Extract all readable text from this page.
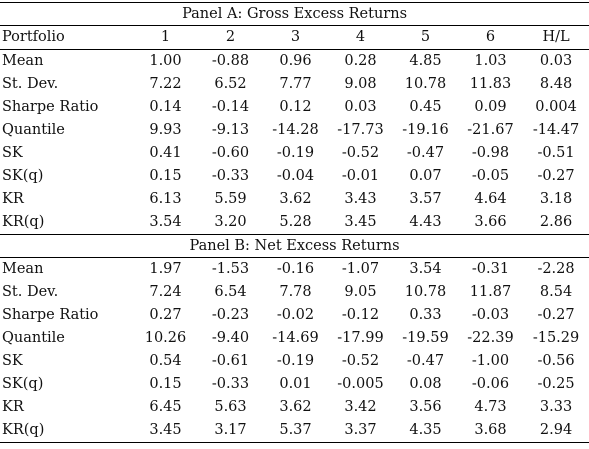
Panel A: Gross Excess Returns							
Portfolio	1	2	3	4	5	6	H/L
Mean	1.00	-0.88	0.96	0.28	4.85	1.03	0.03
St. Dev.	7.22	6.52	7.77	9.08	10.78	11.83	8.48
Sharpe Ratio	0.14	-0.14	0.12	0.03	0.45	0.09	0.004
Quantile	9.93	-9.13	-14.28	-17.73	-19.16	-21.67	-14.47
SK	0.41	-0.60	-0.19	-0.52	-0.47	-0.98	-0.51
SK(q)	0.15	-0.33	-0.04	-0.01	0.07	-0.05	-0.27
KR	6.13	5.59	3.62	3.43	3.57	4.64	3.18
KR(q)	3.54	3.20	5.28	3.45	4.43	3.66	2.86
Panel B: Net Excess Returns							
Mean	1.97	-1.53	-0.16	-1.07	3.54	-0.31	-2.28
St. Dev.	7.24	6.54	7.78	9.05	10.78	11.87	8.54
Sharpe Ratio	0.27	-0.23	-0.02	-0.12	0.33	-0.03	-0.27
Quantile	10.26	-9.40	-14.69	-17.99	-19.59	-22.39	-15.29
SK	0.54	-0.61	-0.19	-0.52	-0.47	-1.00	-0.56
SK(q)	0.15	-0.33	0.01	-0.005	0.08	-0.06	-0.25
KR	6.45	5.63	3.62	3.42	3.56	4.73	3.33
KR(q)	3.45	3.17	5.37	3.37	4.35	3.68	2.94
